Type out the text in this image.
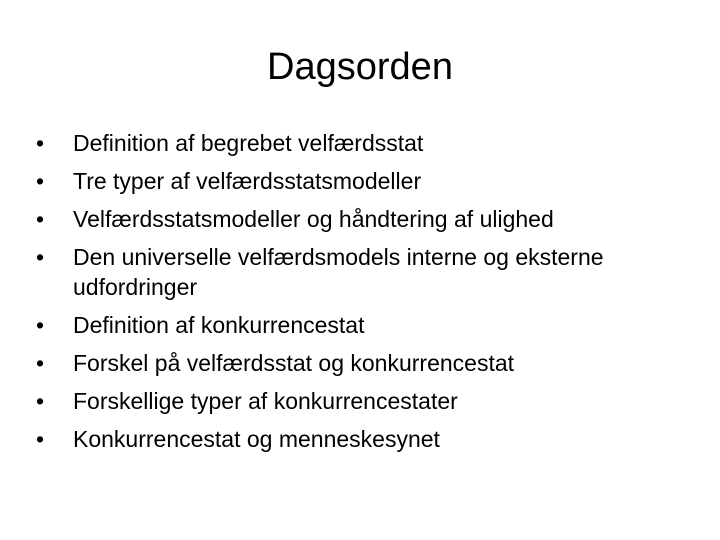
Dagsorden
• Definition af begrebet velfærdsstat
• Tre typer af velfærdsstatsmodeller
• Velfærdsstatsmodeller og håndtering af ulighed
• Den universelle velfærdsmodels interne og eksterne udfordringer
• Definition af konkurrencestat
• Forskel på velfærdsstat og konkurrencestat
• Forskellige typer af konkurrencestater
• Konkurrencestat og menneskesynet
